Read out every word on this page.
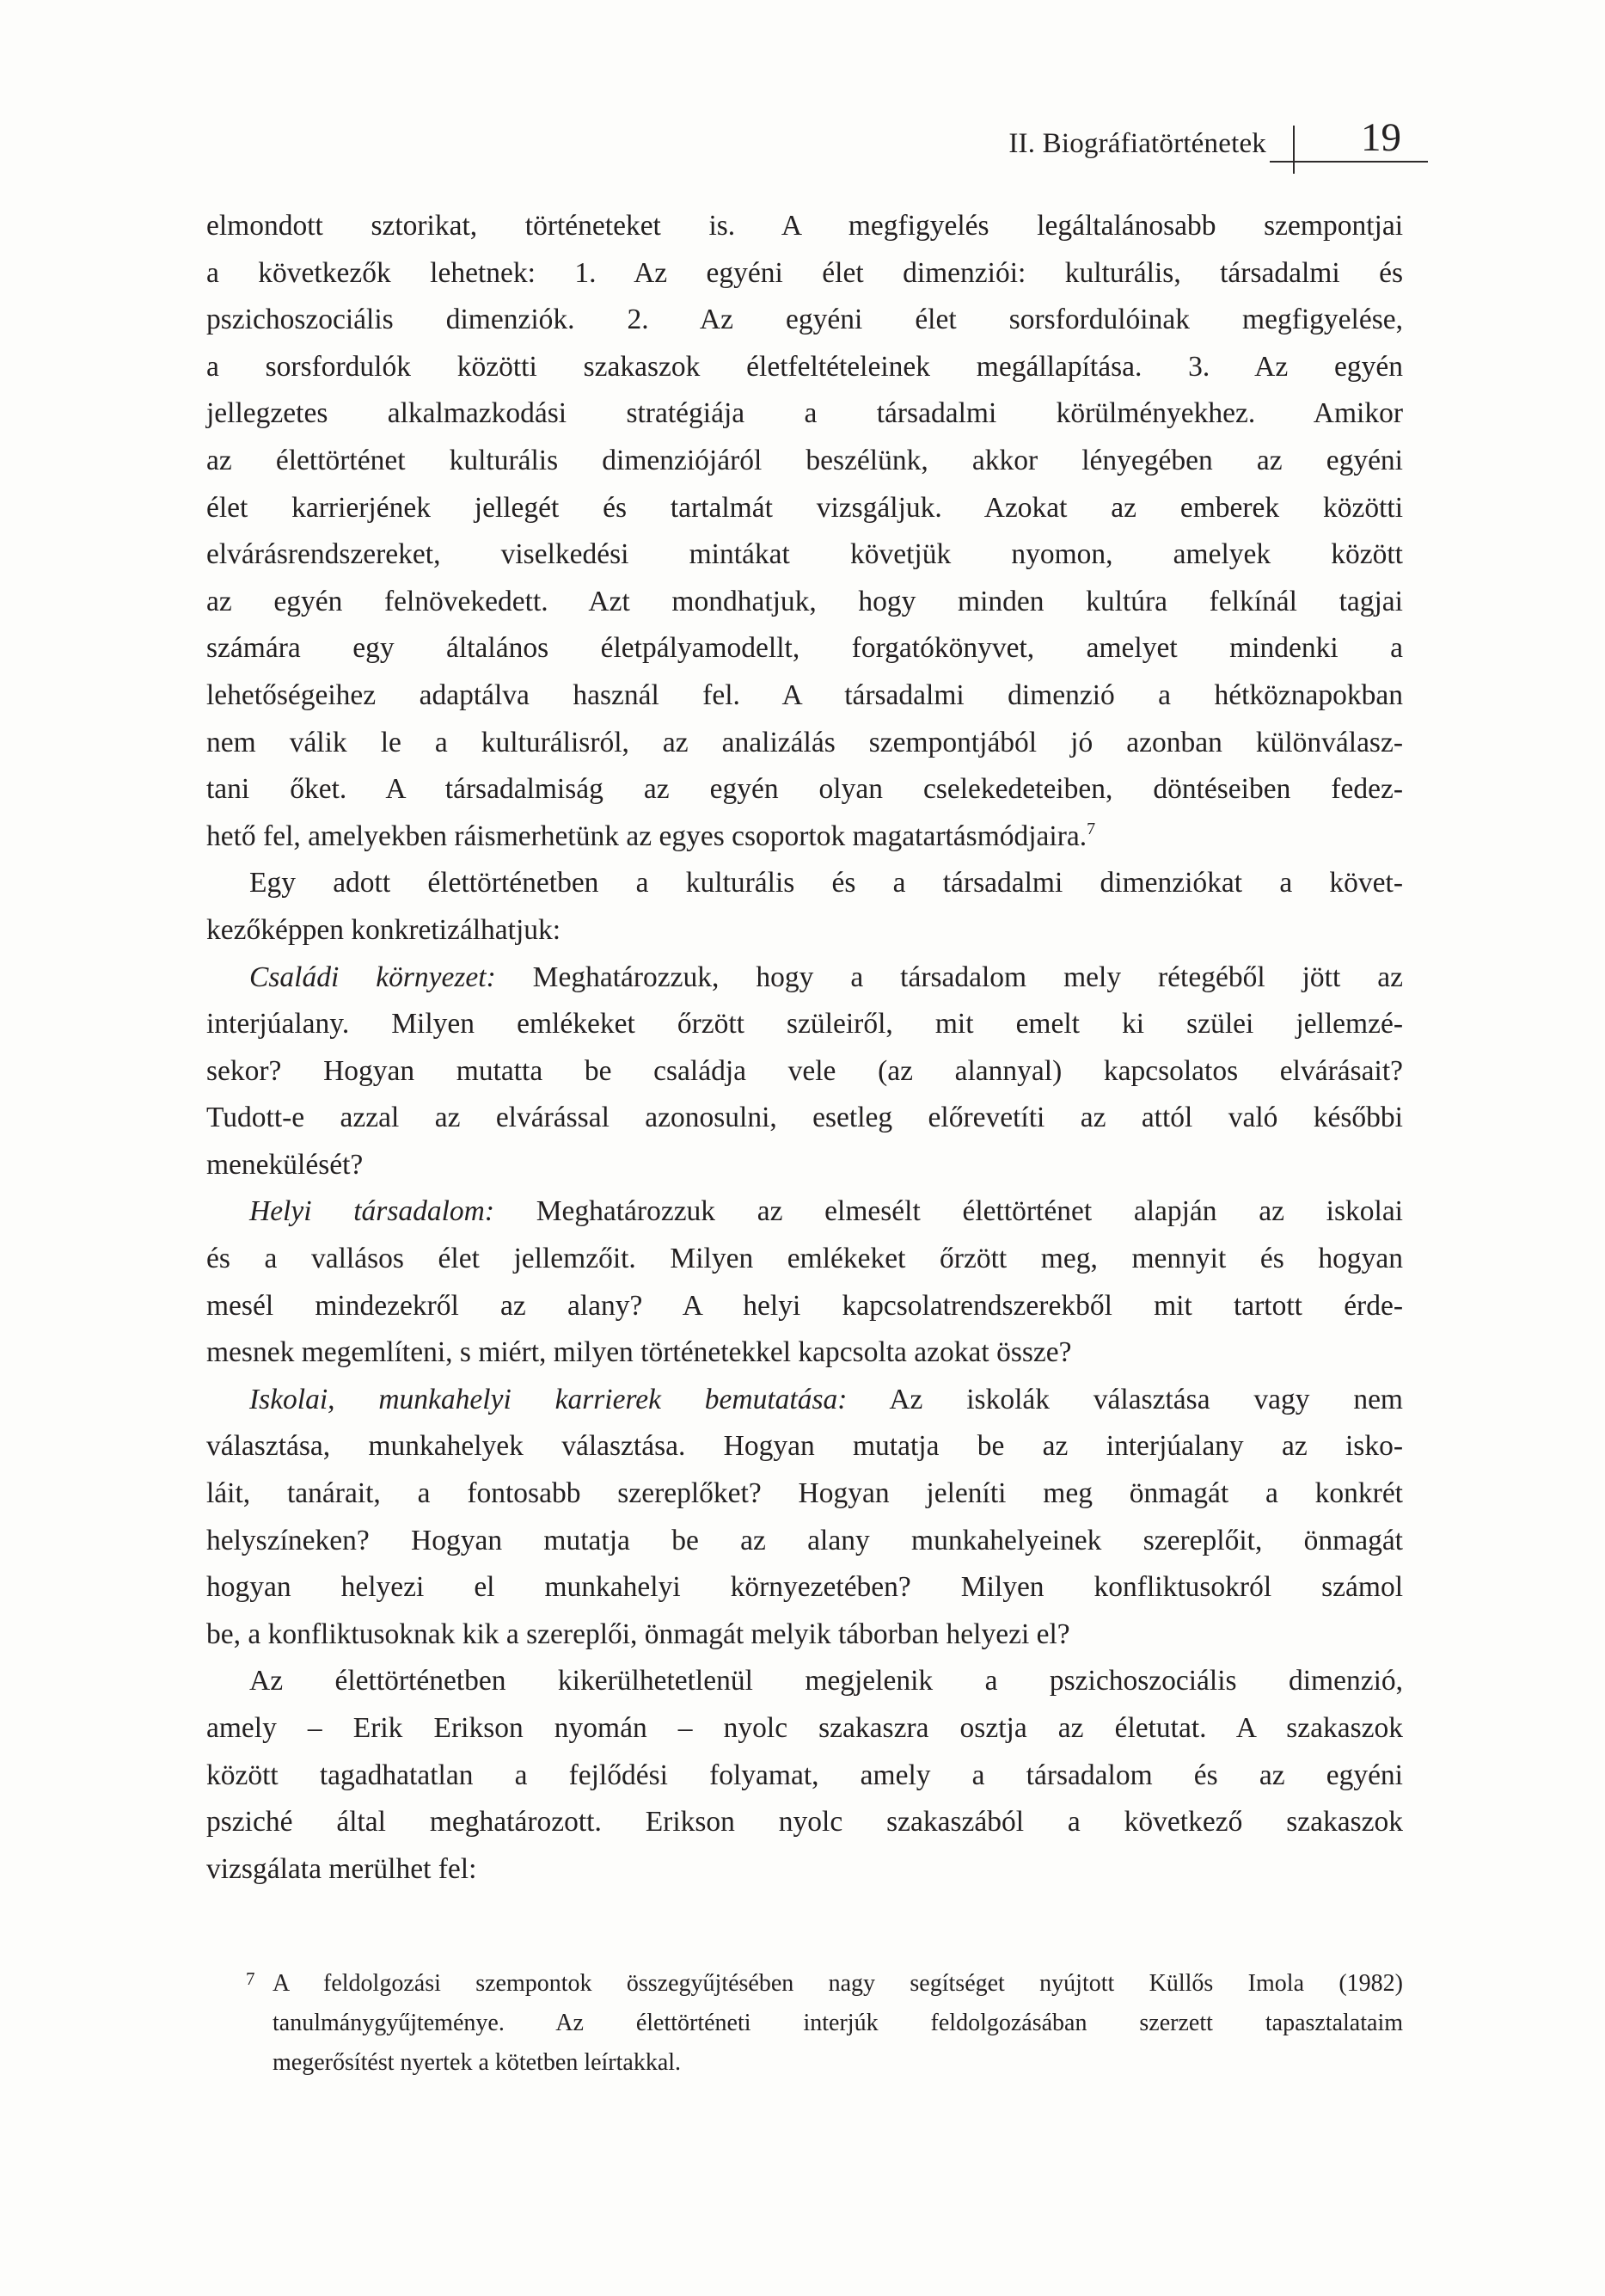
II. Biográfiatörténetek 19
elmondott sztorikat, történeteket is. A megfigyelés legáltalánosabb szempontjai
a következők lehetnek: 1. Az egyéni élet dimenziói: kulturális, társadalmi és
pszichoszociális dimenziók. 2. Az egyéni élet sorsfordulóinak megfigyelése,
a sorsfordulók közötti szakaszok életfeltételeinek megállapítása. 3. Az egyén
jellegzetes alkalmazkodási stratégiája a társadalmi körülményekhez. Amikor
az élettörténet kulturális dimenziójáról beszélünk, akkor lényegében az egyéni
élet karrierjének jellegét és tartalmát vizsgáljuk. Azokat az emberek közötti
elvárásrendszereket, viselkedési mintákat követjük nyomon, amelyek között
az egyén felnövekedett. Azt mondhatjuk, hogy minden kultúra felkínál tagjai
számára egy általános életpályamodellt, forgatókönyvet, amelyet mindenki a
lehetőségeihez adaptálva használ fel. A társadalmi dimenzió a hétköznapokban
nem válik le a kulturálisról, az analizálás szempontjából jó azonban különválasz-
tani őket. A társadalmiság az egyén olyan cselekedeteiben, döntéseiben fedez-
hető fel, amelyekben ráismerhetünk az egyes csoportok magatartásmódjaira.$^7$
Egy adott élettörténetben a kulturális és a társadalmi dimenziókat a követ-
kezőképpen konkretizálhatjuk:
Családi környezet: Meghatározzuk, hogy a társadalom mely rétegéből jött az
interjúalany. Milyen emlékeket őrzött szüleiről, mit emelt ki szülei jellemzé-
sekor? Hogyan mutatta be családja vele (az alannyal) kapcsolatos elvárásait?
Tudott-e azzal az elvárással azonosulni, esetleg előrevetíti az attól való későbbi
menekülését?
Helyi társadalom: Meghatározzuk az elmesélt élettörténet alapján az iskolai
és a vallásos élet jellemzőit. Milyen emlékeket őrzött meg, mennyit és hogyan
mesél mindezekről az alany? A helyi kapcsolatrendszerekből mit tartott érde-
mesnek megemlíteni, s miért, milyen történetekkel kapcsolta azokat össze?
Iskolai, munkahelyi karrierek bemutatása: Az iskolák választása vagy nem
választása, munkahelyek választása. Hogyan mutatja be az interjúalany az isko-
láit, tanárait, a fontosabb szereplőket? Hogyan jeleníti meg önmagát a konkrét
helyszíneken? Hogyan mutatja be az alany munkahelyeinek szereplőit, önmagát
hogyan helyezi el munkahelyi környezetében? Milyen konfliktusokról számol
be, a konfliktusoknak kik a szereplői, önmagát melyik táborban helyezi el?
Az élettörténetben kikerülhetetlenül megjelenik a pszichoszociális dimenzió,
amely – Erik Erikson nyomán – nyolc szakaszra osztja az életutat. A szakaszok
között tagadhatatlan a fejlődési folyamat, amely a társadalom és az egyéni
psziché által meghatározott. Erikson nyolc szakaszából a következő szakaszok
vizsgálata merülhet fel:
7 A feldolgozási szempontok összegyűjtésében nagy segítséget nyújtott Küllős Imola (1982)
tanulmánygyűjteménye. Az élettörténeti interjúk feldolgozásában szerzett tapasztalataim
megerősítést nyertek a kötetben leírtakkal.
